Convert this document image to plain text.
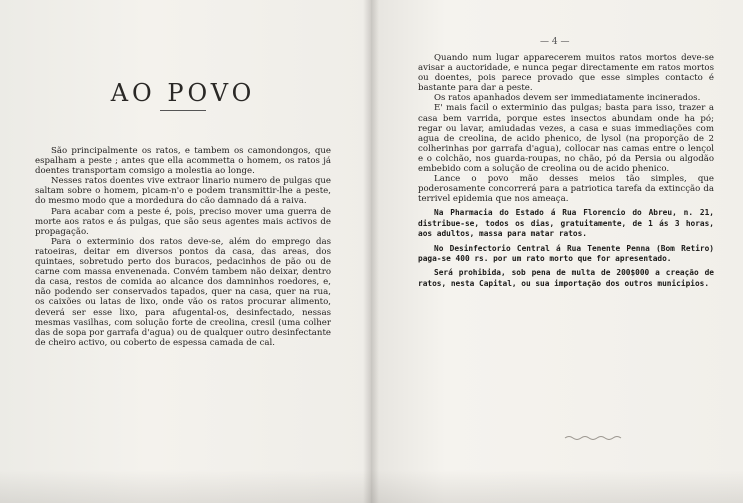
AO POVO

São principalmente os ratos, e tambem os camondongos, que espalham a peste ; antes que ella acommetta o homem, os ratos já doentes transportam comsigo a molestia ao longe.

Nesses ratos doentes vive extraor linario numero de pulgas que saltam sobre o homem, picam-n'o e podem transmittir-lhe a peste, do mesmo modo que a mordedura do cão damnado dá a raiva.

Para acabar com a peste é, pois, preciso mover uma guerra de morte aos ratos e ás pulgas, que são seus agentes mais activos de propagação.

Para o exterminio dos ratos deve-se, além do emprego das ratoeiras, deitar em diversos pontos da casa, das areas, dos quintaes, sobretudo perto dos buracos, pedacinhos de pão ou de carne com massa envenenada. Convém tambem não deixar, dentro da casa, restos de comida ao alcance dos damninhos roedores, e, não podendo ser conservados tapados, quer na casa, quer na rua, os caixões ou latas de lixo, onde vão os ratos procurar alimento, deverá ser esse lixo, para afugental-os, desinfectado, nessas mesmas vasilhas, com solução forte de creolina, cresil (uma colher das de sopa por garrafa d'agua) ou de qualquer outro desinfectante de cheiro activo, ou coberto de espessa camada de cal.

Quando num lugar apparecerem muitos ratos mortos deve-se avisar a auctoridade, e nunca pegar directamente em ratos mortos ou doentes, pois parece provado que esse simples contacto é bastante para dar a peste.

Os ratos apanhados devem ser immediatamente incinerados.

E' mais facil o exterminio das pulgas; basta para isso, trazer a casa bem varrida, porque estes insectos abundam onde ha pó; regar ou lavar, amiudadas vezes, a casa e suas immediações com agua de creolina, de acido phenico, de lysol (na proporção de 2 colherinhas por garrafa d'agua), collocar nas camas entre o lençol e o colchão, nos guarda-roupas, no chão, pó da Persia ou algodão embebido com a solução de creolina ou de acido phenico.

Lance o povo mão desses meios tão simples, que poderosamente concorrerá para a patriotica tarefa da extincção da terrivel epidemia que nos ameaça.

Na Pharmacia do Estado á Rua Florencio do Abreu, n. 21, distribue-se, todos os dias, gratuitamente, de 1 ás 3 horas, aos adultos, massa para matar ratos.

No Desinfectorio Central á Rua Tenente Penna (Bom Retiro) paga-se 400 rs. por um rato morto que for apresentado.

Será prohibida, sob pena de multa de 200$000 a creação de ratos, nesta Capital, ou sua importação dos outros municipios.

— 4 —
